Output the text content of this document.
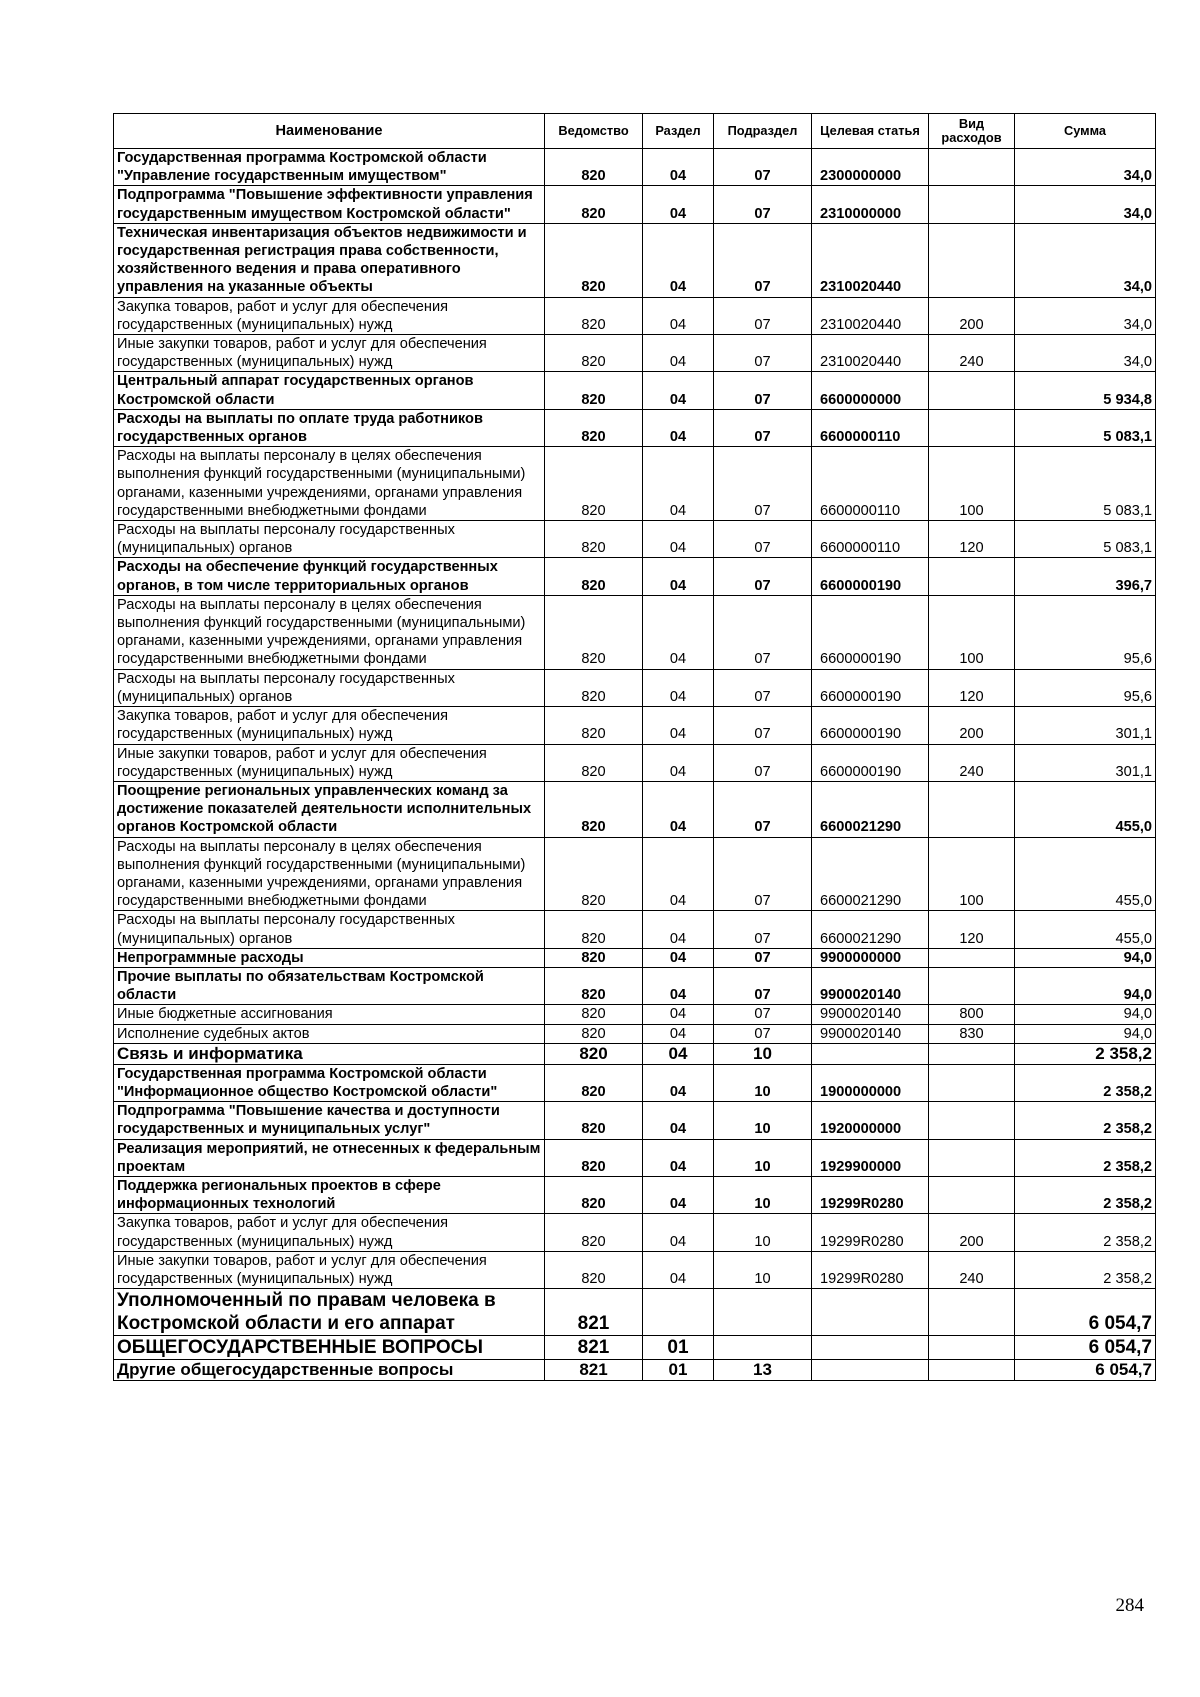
Наименование	Ведомство	Раздел	Подраздел	Целевая статья	Вид расходов	Сумма
Государственная программа Костромской области "Управление государственным имуществом"	820	04	07	2300000000		34,0
Подпрограмма "Повышение эффективности управления государственным имуществом Костромской области"	820	04	07	2310000000		34,0
Техническая инвентаризация объектов недвижимости и государственная регистрация права собственности, хозяйственного ведения и права оперативного управления на указанные объекты	820	04	07	2310020440		34,0
Закупка товаров, работ и услуг для обеспечения государственных (муниципальных) нужд	820	04	07	2310020440	200	34,0
Иные закупки товаров, работ и услуг для обеспечения государственных (муниципальных) нужд	820	04	07	2310020440	240	34,0
Центральный аппарат государственных органов Костромской области	820	04	07	6600000000		5 934,8
Расходы на выплаты по оплате труда работников государственных органов	820	04	07	6600000110		5 083,1
Расходы на выплаты персоналу в целях обеспечения выполнения функций государственными (муниципальными) органами, казенными учреждениями, органами управления государственными внебюджетными фондами	820	04	07	6600000110	100	5 083,1
Расходы на выплаты персоналу государственных (муниципальных) органов	820	04	07	6600000110	120	5 083,1
Расходы на обеспечение функций государственных органов, в том числе территориальных органов	820	04	07	6600000190		396,7
Расходы на выплаты персоналу в целях обеспечения выполнения функций государственными (муниципальными) органами, казенными учреждениями, органами управления государственными внебюджетными фондами	820	04	07	6600000190	100	95,6
Расходы на выплаты персоналу государственных (муниципальных) органов	820	04	07	6600000190	120	95,6
Закупка товаров, работ и услуг для обеспечения государственных (муниципальных) нужд	820	04	07	6600000190	200	301,1
Иные закупки товаров, работ и услуг для обеспечения государственных (муниципальных) нужд	820	04	07	6600000190	240	301,1
Поощрение региональных управленческих команд за достижение показателей деятельности исполнительных органов Костромской области	820	04	07	6600021290		455,0
Расходы на выплаты персоналу в целях обеспечения выполнения функций государственными (муниципальными) органами, казенными учреждениями, органами управления государственными внебюджетными фондами	820	04	07	6600021290	100	455,0
Расходы на выплаты персоналу государственных (муниципальных) органов	820	04	07	6600021290	120	455,0
Непрограммные расходы	820	04	07	9900000000		94,0
Прочие выплаты по обязательствам Костромской области	820	04	07	9900020140		94,0
Иные бюджетные ассигнования	820	04	07	9900020140	800	94,0
Исполнение судебных актов	820	04	07	9900020140	830	94,0
Связь и информатика	820	04	10			2 358,2
Государственная программа Костромской области "Информационное общество Костромской области"	820	04	10	1900000000		2 358,2
Подпрограмма "Повышение качества и доступности государственных и муниципальных услуг"	820	04	10	1920000000		2 358,2
Реализация мероприятий, не отнесенных к федеральным проектам	820	04	10	1929900000		2 358,2
Поддержка региональных проектов в сфере информационных технологий	820	04	10	19299R0280		2 358,2
Закупка товаров, работ и услуг для обеспечения государственных (муниципальных) нужд	820	04	10	19299R0280	200	2 358,2
Иные закупки товаров, работ и услуг для обеспечения государственных (муниципальных) нужд	820	04	10	19299R0280	240	2 358,2
Уполномоченный по правам человека в Костромской области и его аппарат	821					6 054,7
ОБЩЕГОСУДАРСТВЕННЫЕ ВОПРОСЫ	821	01				6 054,7
Другие общегосударственные вопросы	821	01	13			6 054,7
284
